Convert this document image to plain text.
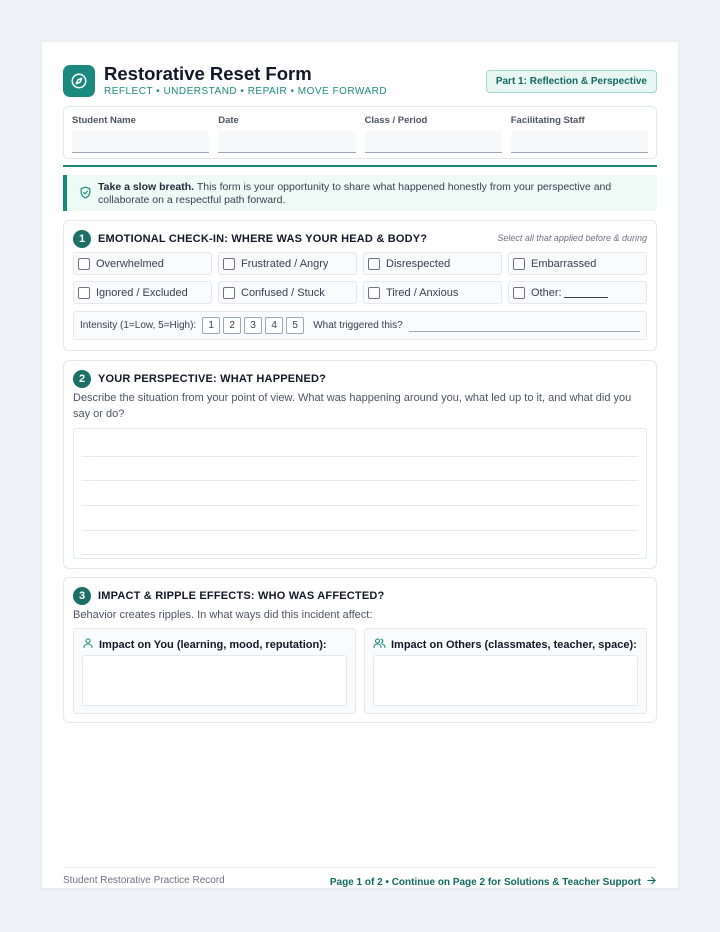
Restorative Reset Form
REFLECT • UNDERSTAND • REPAIR • MOVE FORWARD
Part 1: Reflection & Perspective
Student Name	Date	Class / Period	Facilitating Staff
Take a slow breath. This form is your opportunity to share what happened honestly from your perspective and collaborate on a respectful path forward.
1	EMOTIONAL CHECK-IN: WHERE WAS YOUR HEAD & BODY?	Select all that applied before & during
Overwhelmed	Frustrated / Angry	Disrespected	Embarrassed
Ignored / Excluded	Confused / Stuck	Tired / Anxious	Other:
Intensity (1=Low, 5=High):	1	2	3	4	5	What triggered this?
2	YOUR PERSPECTIVE: WHAT HAPPENED?
Describe the situation from your point of view. What was happening around you, what led up to it, and what did you say or do?
3	IMPACT & RIPPLE EFFECTS: WHO WAS AFFECTED?
Behavior creates ripples. In what ways did this incident affect:
Impact on You (learning, mood, reputation):	Impact on Others (classmates, teacher, space):
Student Restorative Practice Record	Page 1 of 2 • Continue on Page 2 for Solutions & Teacher Support
